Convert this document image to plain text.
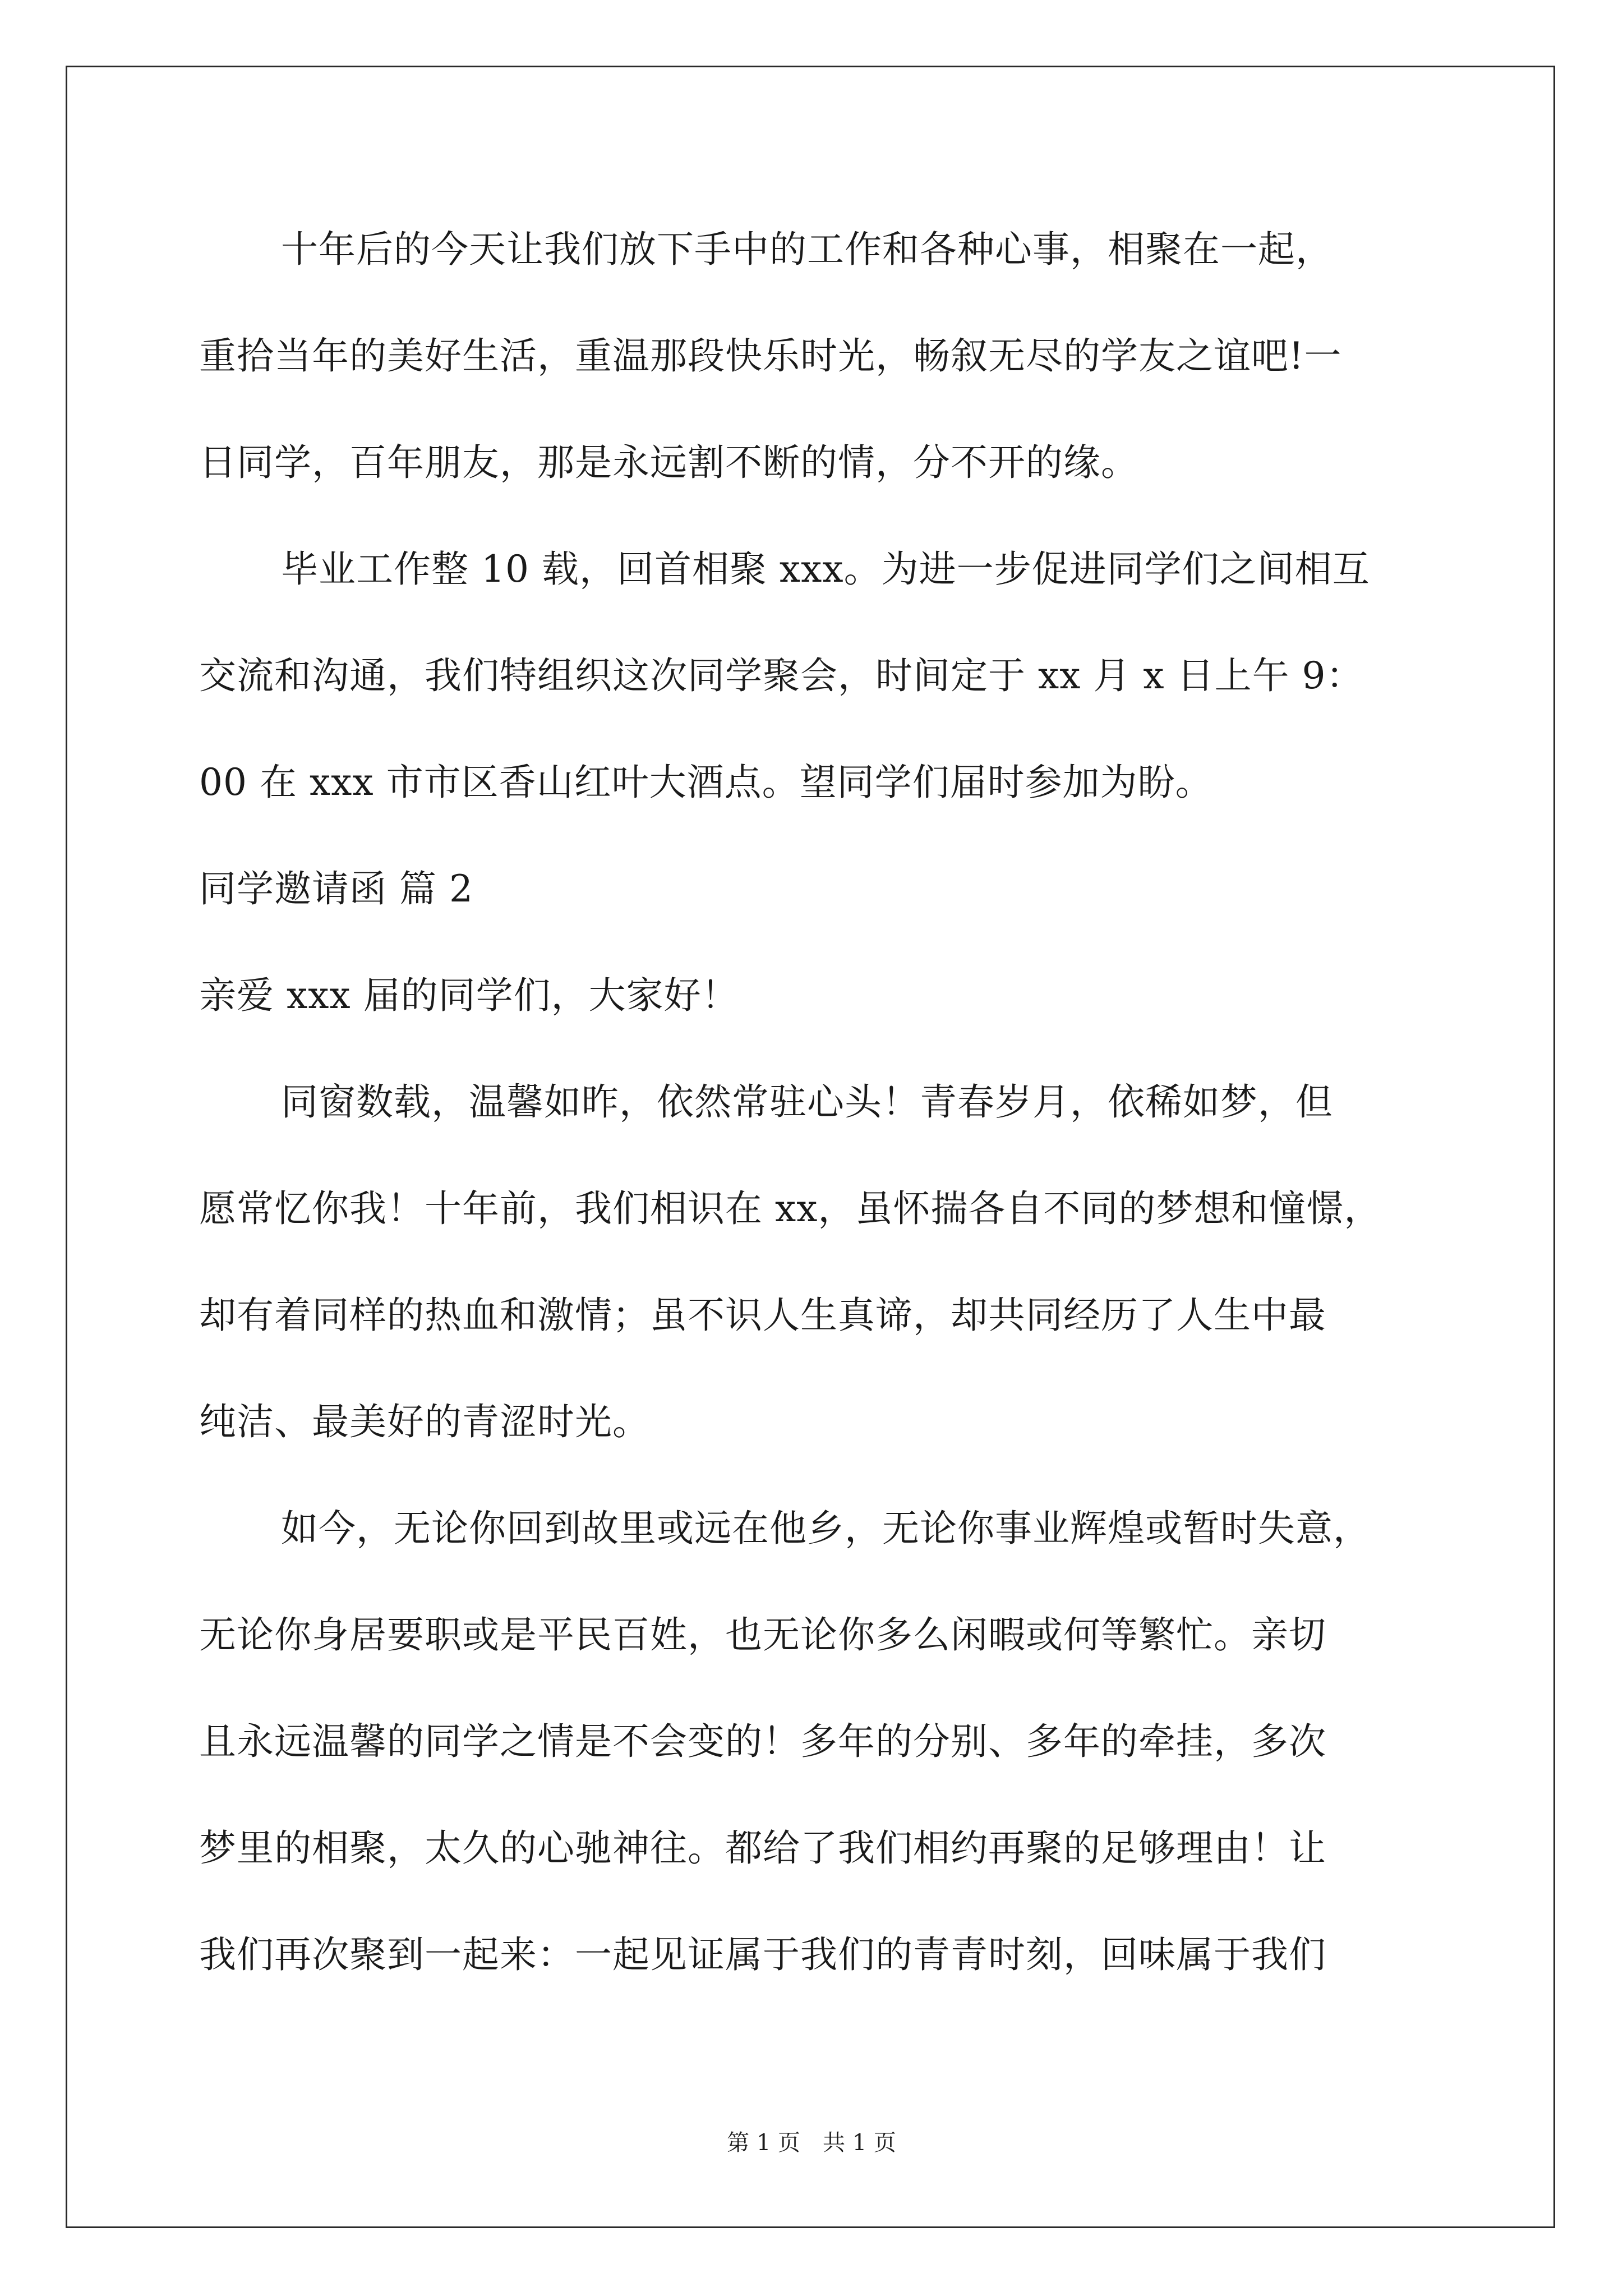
十年后的今天让我们放下手中的工作和各种心事，相聚在一起，
重拾当年的美好生活，重温那段快乐时光，畅叙无尽的学友之谊吧!一
日同学，百年朋友，那是永远割不断的情，分不开的缘。
毕业工作整 10 载，回首相聚 xxx。为进一步促进同学们之间相互
交流和沟通，我们特组织这次同学聚会，时间定于 xx 月 x 日上午 9：
00 在 xxx 市市区香山红叶大酒点。望同学们届时参加为盼。
同学邀请函 篇 2
亲爱 xxx 届的同学们，大家好！
同窗数载，温馨如昨，依然常驻心头！青春岁月，依稀如梦，但
愿常忆你我！十年前，我们相识在 xx，虽怀揣各自不同的梦想和憧憬，
却有着同样的热血和激情；虽不识人生真谛，却共同经历了人生中最
纯洁、最美好的青涩时光。
如今，无论你回到故里或远在他乡，无论你事业辉煌或暂时失意，
无论你身居要职或是平民百姓，也无论你多么闲暇或何等繁忙。亲切
且永远温馨的同学之情是不会变的！多年的分别、多年的牵挂，多次
梦里的相聚，太久的心驰神往。都给了我们相约再聚的足够理由！让
我们再次聚到一起来：一起见证属于我们的青青时刻，回味属于我们
第 1 页　共 1 页
